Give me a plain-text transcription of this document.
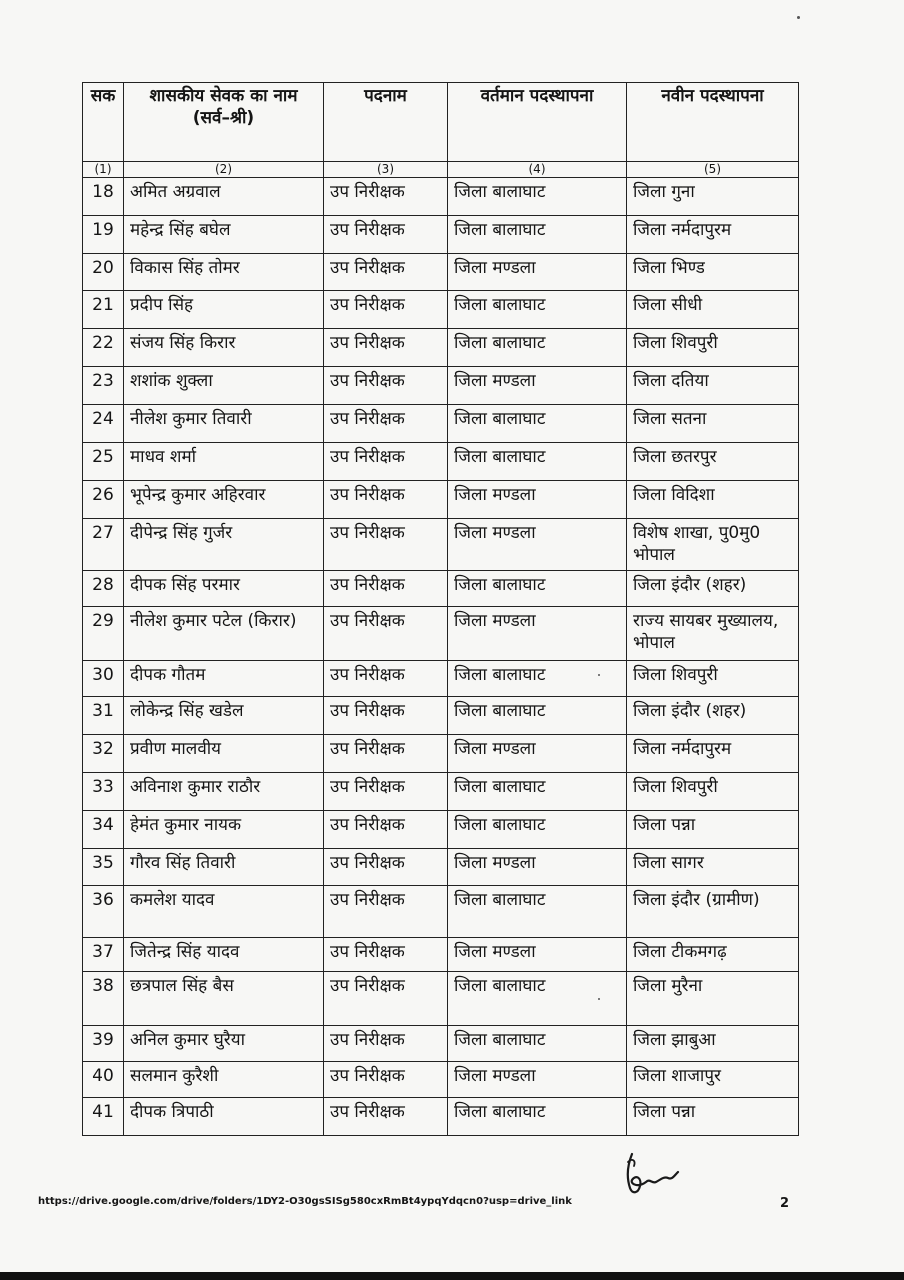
सक	शासकीय सेवक का नाम (सर्व–श्री)	पदनाम	वर्तमान पदस्थापना	नवीन पदस्थापना
(1)	(2)	(3)	(4)	(5)
18	अमित अग्रवाल	उप निरीक्षक	जिला बालाघाट	जिला गुना
19	महेन्द्र सिंह बघेल	उप निरीक्षक	जिला बालाघाट	जिला नर्मदापुरम
20	विकास सिंह तोमर	उप निरीक्षक	जिला मण्डला	जिला भिण्ड
21	प्रदीप सिंह	उप निरीक्षक	जिला बालाघाट	जिला सीधी
22	संजय सिंह किरार	उप निरीक्षक	जिला बालाघाट	जिला शिवपुरी
23	शशांक शुक्ला	उप निरीक्षक	जिला मण्डला	जिला दतिया
24	नीलेश कुमार तिवारी	उप निरीक्षक	जिला बालाघाट	जिला सतना
25	माधव शर्मा	उप निरीक्षक	जिला बालाघाट	जिला छतरपुर
26	भूपेन्द्र कुमार अहिरवार	उप निरीक्षक	जिला मण्डला	जिला विदिशा
27	दीपेन्द्र सिंह गुर्जर	उप निरीक्षक	जिला मण्डला	विशेष शाखा, पु0मु0 भोपाल
28	दीपक सिंह परमार	उप निरीक्षक	जिला बालाघाट	जिला इंदौर (शहर)
29	नीलेश कुमार पटेल (किरार)	उप निरीक्षक	जिला मण्डला	राज्य सायबर मुख्यालय, भोपाल
30	दीपक गौतम	उप निरीक्षक	जिला बालाघाट	जिला शिवपुरी
31	लोकेन्द्र सिंह खडेल	उप निरीक्षक	जिला बालाघाट	जिला इंदौर (शहर)
32	प्रवीण मालवीय	उप निरीक्षक	जिला मण्डला	जिला नर्मदापुरम
33	अविनाश कुमार राठौर	उप निरीक्षक	जिला बालाघाट	जिला शिवपुरी
34	हेमंत कुमार नायक	उप निरीक्षक	जिला बालाघाट	जिला पन्ना
35	गौरव सिंह तिवारी	उप निरीक्षक	जिला मण्डला	जिला सागर
36	कमलेश यादव	उप निरीक्षक	जिला बालाघाट	जिला इंदौर (ग्रामीण)
37	जितेन्द्र सिंह यादव	उप निरीक्षक	जिला मण्डला	जिला टीकमगढ़
38	छत्रपाल सिंह बैस	उप निरीक्षक	जिला बालाघाट	जिला मुरैना
39	अनिल कुमार घुरैया	उप निरीक्षक	जिला बालाघाट	जिला झाबुआ
40	सलमान कुरैशी	उप निरीक्षक	जिला मण्डला	जिला शाजापुर
41	दीपक त्रिपाठी	उप निरीक्षक	जिला बालाघाट	जिला पन्ना
https://drive.google.com/drive/folders/1DY2-O30gsSISg580cxRmBt4ypqYdqcn0?usp=drive_link	2
